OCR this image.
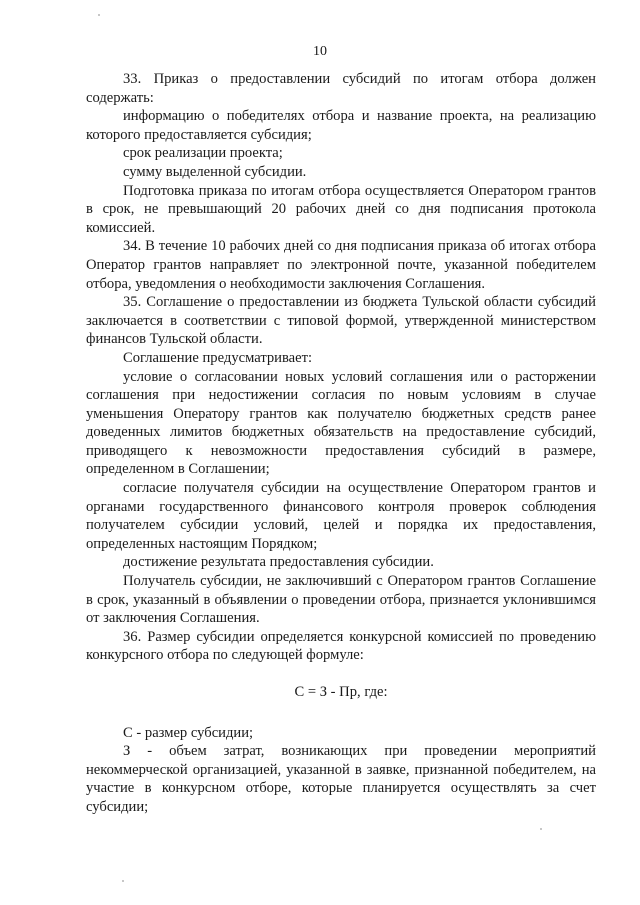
10

33. Приказ о предоставлении субсидий по итогам отбора должен содержать:

информацию о победителях отбора и название проекта, на реализацию которого предоставляется субсидия;

срок реализации проекта;

сумму выделенной субсидии.

Подготовка приказа по итогам отбора осуществляется Оператором грантов в срок, не превышающий 20 рабочих дней со дня подписания протокола комиссией.

34. В течение 10 рабочих дней со дня подписания приказа об итогах отбора Оператор грантов направляет по электронной почте, указанной победителем отбора, уведомления о необходимости заключения Соглашения.

35. Соглашение о предоставлении из бюджета Тульской области субсидий заключается в соответствии с типовой формой, утвержденной министерством финансов Тульской области.

Соглашение предусматривает:

условие о согласовании новых условий соглашения или о расторжении соглашения при недостижении согласия по новым условиям в случае уменьшения Оператору грантов как получателю бюджетных средств ранее доведенных лимитов бюджетных обязательств на предоставление субсидий, приводящего к невозможности предоставления субсидий в размере, определенном в Соглашении;

согласие получателя субсидии на осуществление Оператором грантов и органами государственного финансового контроля проверок соблюдения получателем субсидии условий, целей и порядка их предоставления, определенных настоящим Порядком;

достижение результата предоставления субсидии.

Получатель субсидии, не заключивший с Оператором грантов Соглашение в срок, указанный в объявлении о проведении отбора, признается уклонившимся от заключения Соглашения.

36. Размер субсидии определяется конкурсной комиссией по проведению конкурсного отбора по следующей формуле:

С = З - Пр, где:

С - размер субсидии;

З - объем затрат, возникающих при проведении мероприятий некоммерческой организацией, указанной в заявке, признанной победителем, на участие в конкурсном отборе, которые планируется осуществлять за счет субсидии;
